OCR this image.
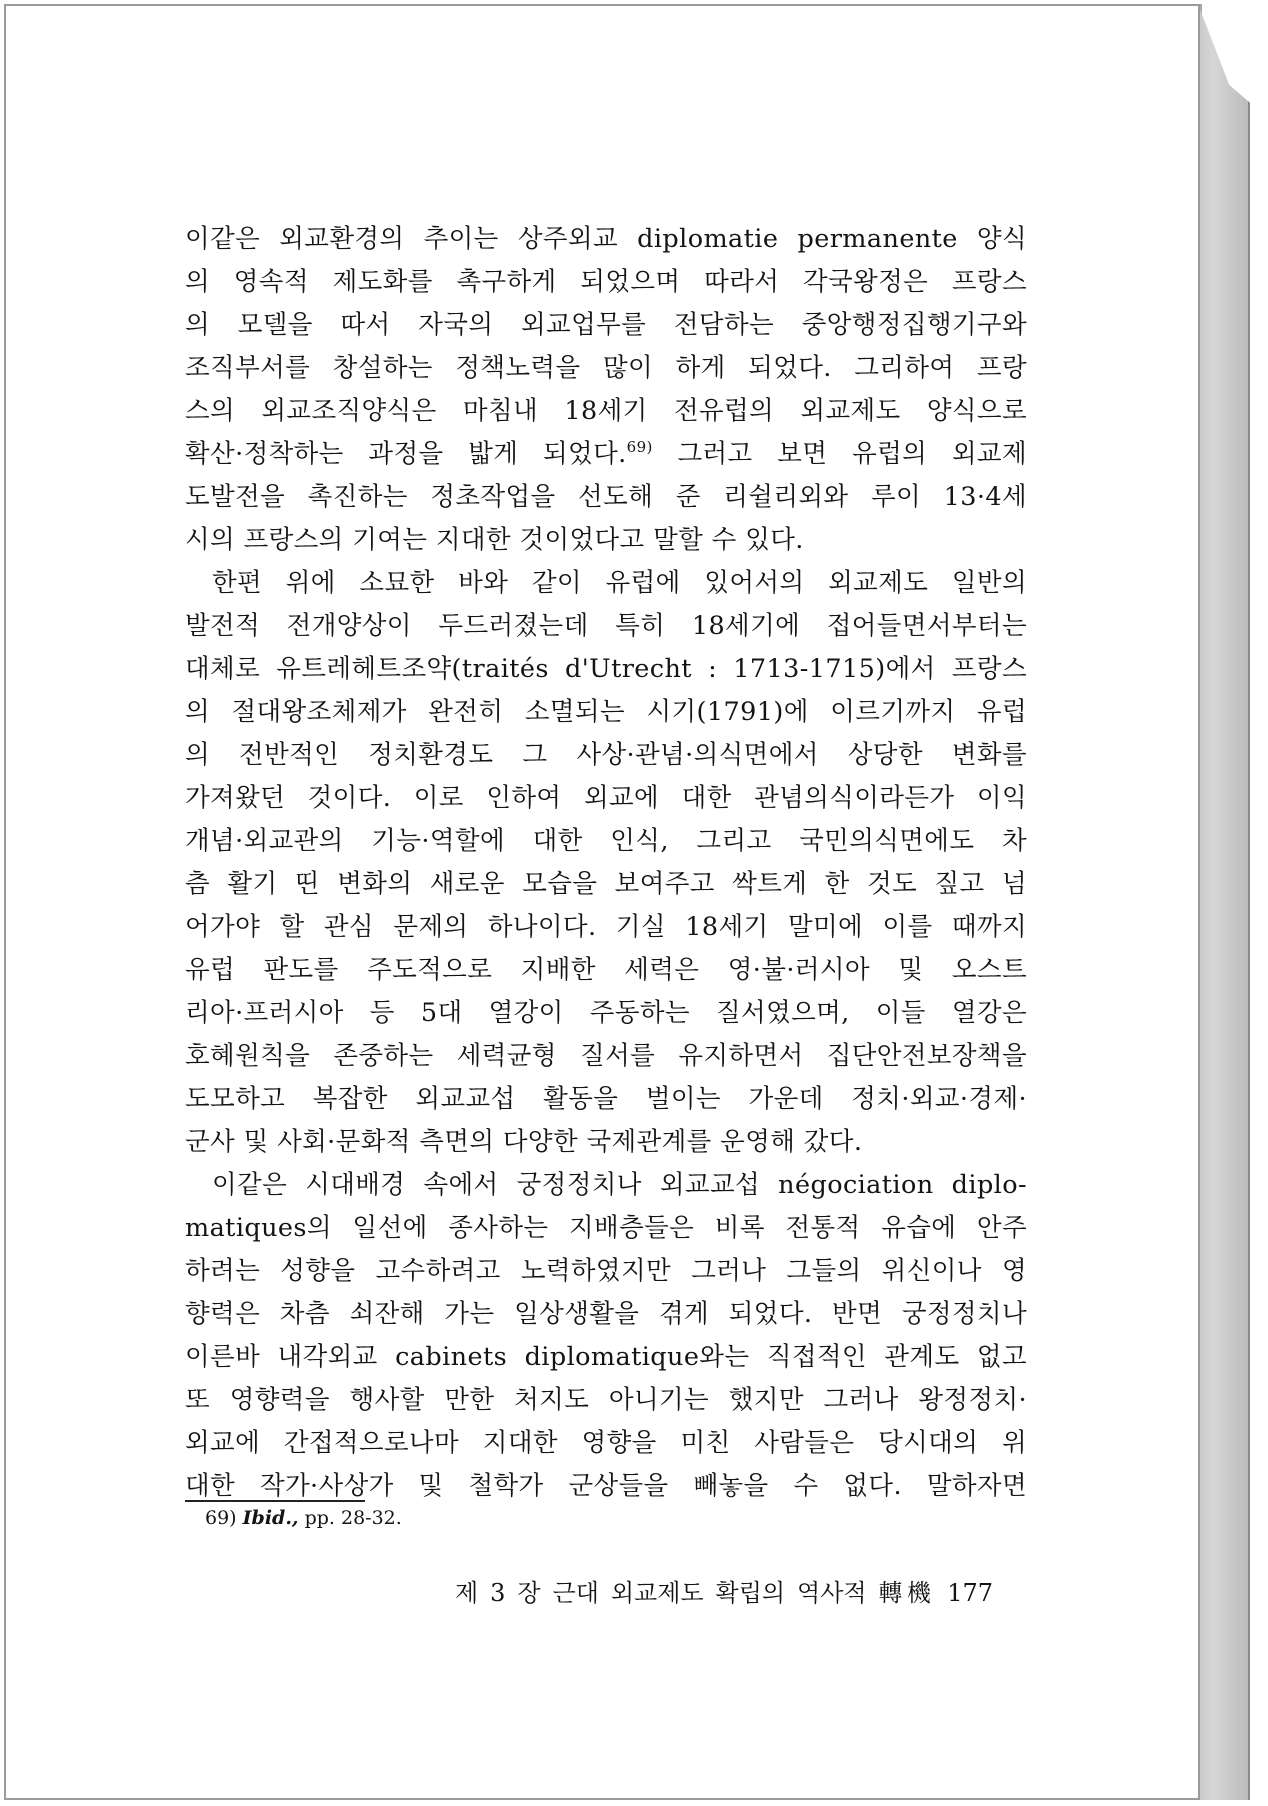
이같은 외교환경의 추이는 상주외교 diplomatie permanente 양식
의 영속적 제도화를 촉구하게 되었으며 따라서 각국왕정은 프랑스
의 모델을 따서 자국의 외교업무를 전담하는 중앙행정집행기구와
조직부서를 창설하는 정책노력을 많이 하게 되었다. 그리하여 프랑
스의 외교조직양식은 마침내 18세기 전유럽의 외교제도 양식으로
확산·정착하는 과정을 밟게 되었다.$^{69)}$ 그러고 보면 유럽의 외교제
도발전을 촉진하는 정초작업을 선도해 준 리쉴리외와 루이 13·4세
시의 프랑스의 기여는 지대한 것이었다고 말할 수 있다.
한편 위에 소묘한 바와 같이 유럽에 있어서의 외교제도 일반의
발전적 전개양상이 두드러졌는데 특히 18세기에 접어들면서부터는
대체로 유트레헤트조약(traités d'Utrecht : 1713-1715)에서 프랑스
의 절대왕조체제가 완전히 소멸되는 시기(1791)에 이르기까지 유럽
의 전반적인 정치환경도 그 사상·관념·의식면에서 상당한 변화를
가져왔던 것이다. 이로 인하여 외교에 대한 관념의식이라든가 이익
개념·외교관의 기능·역할에 대한 인식, 그리고 국민의식면에도 차
츰 활기 띤 변화의 새로운 모습을 보여주고 싹트게 한 것도 짚고 넘
어가야 할 관심 문제의 하나이다. 기실 18세기 말미에 이를 때까지
유럽 판도를 주도적으로 지배한 세력은 영·불·러시아 및 오스트
리아·프러시아 등 5대 열강이 주동하는 질서였으며, 이들 열강은
호혜원칙을 존중하는 세력균형 질서를 유지하면서 집단안전보장책을
도모하고 복잡한 외교교섭 활동을 벌이는 가운데 정치·외교·경제·
군사 및 사회·문화적 측면의 다양한 국제관계를 운영해 갔다.
이같은 시대배경 속에서 궁정정치나 외교교섭 négociation diplo-
matiques의 일선에 종사하는 지배층들은 비록 전통적 유습에 안주
하려는 성향을 고수하려고 노력하였지만 그러나 그들의 위신이나 영
향력은 차츰 쇠잔해 가는 일상생활을 겪게 되었다. 반면 궁정정치나
이른바 내각외교 cabinets diplomatique와는 직접적인 관계도 없고
또 영향력을 행사할 만한 처지도 아니기는 했지만 그러나 왕정정치·
외교에 간접적으로나마 지대한 영향을 미친 사람들은 당시대의 위
대한 작가·사상가 및 철학가 군상들을 빼놓을 수 없다. 말하자면
69) Ibid., pp. 28-32.
제 3 장 근대 외교제도 확립의 역사적 轉機 177
